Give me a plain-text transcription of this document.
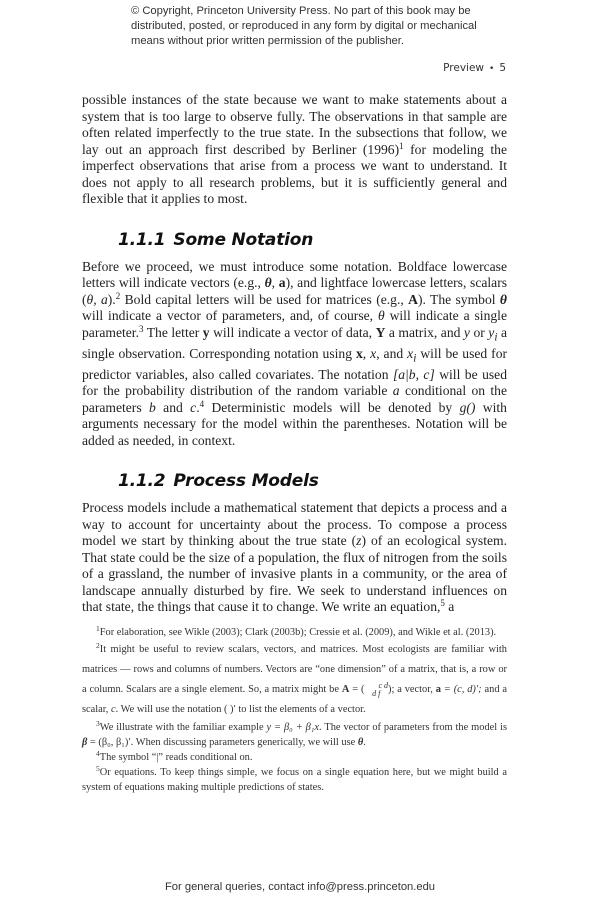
© Copyright, Princeton University Press. No part of this book may be
distributed, posted, or reproduced in any form by digital or mechanical
means without prior written permission of the publisher.
Preview • 5

possible instances of the state because we want to make statements about a system that is too large to observe fully. The observations in that sample are often related imperfectly to the true state. In the subsections that follow, we lay out an approach first described by Berliner $(1996)^1$ for modeling the imperfect observations that arise from a process we want to understand. It does not apply to all research problems, but it is sufficiently general and flexible that it applies to most.

1.1.1 Some Notation

Before we proceed, we must introduce some notation. Boldface lowercase letters will indicate vectors (e.g., θ, a), and lightface lowercase letters, scalars (θ, a).$^2$ Bold capital letters will be used for matrices (e.g., A). The symbol θ will indicate a vector of parameters, and, of course, θ will indicate a single parameter.$^3$ The letter y will indicate a vector of data, Y a matrix, and y or $y_i$ a single observation. Corresponding notation using x, x, and $x_i$ will be used for predictor variables, also called covariates. The notation [a|b, c] will be used for the probability distribution of the random variable a conditional on the parameters b and c.$^4$ Deterministic models will be denoted by g() with arguments necessary for the model within the parentheses. Notation will be added as needed, in context.

1.1.2 Process Models

Process models include a mathematical statement that depicts a process and a way to account for uncertainty about the process. To compose a process model we start by thinking about the true state (z) of an ecological system. That state could be the size of a population, the flux of nitrogen from the soils of a grassland, the number of invasive plants in a community, or the area of landscape annually disturbed by fire. We seek to understand influences on that state, the things that cause it to change. We write an equation,$^5$ a

$^1$For elaboration, see Wikle (2003); Clark (2003b); Cressie et al. (2009), and Wikle et al. (2013).

$^2$It might be useful to review scalars, vectors, and matrices. Most ecologists are familiar with matrices — rows and columns of numbers. Vectors are “one dimension” of a matrix, that is, a row or a column. Scalars are a single element. So, a matrix might be A = ( c d
d f ); a vector, a = (c, d)′; and a scalar, c. We will use the notation ( )′ to list the elements of a vector.

$^3$We illustrate with the familiar example y = β₀ + β₁x. The vector of parameters from the model is β = (β₀, β₁)′. When discussing parameters generically, we will use θ.

$^4$The symbol “|” reads conditional on.

$^5$Or equations. To keep things simple, we focus on a single equation here, but we might build a system of equations making multiple predictions of states.

For general queries, contact info@press.princeton.edu
